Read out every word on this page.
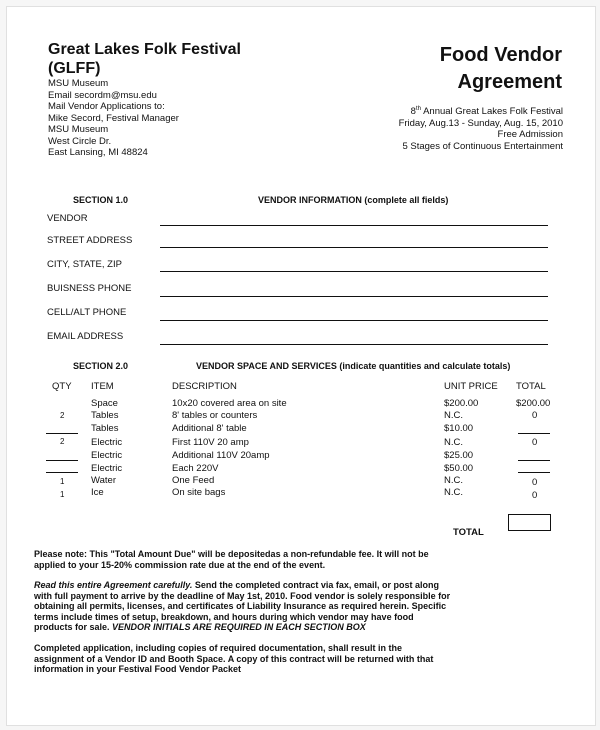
Great Lakes Folk Festival
(GLFF)
MSU Museum
Email secordm@msu.edu
Mail Vendor Applications to:
Mike Secord, Festival Manager
MSU Museum
West Circle Dr.
East Lansing, MI 48824
Food Vendor
Agreement
8th Annual Great Lakes Folk Festival
Friday, Aug.13 - Sunday, Aug. 15, 2010
Free Admission
5 Stages of Continuous Entertainment
SECTION 1.0	VENDOR INFORMATION (complete all fields)
VENDOR
STREET ADDRESS
CITY, STATE, ZIP
BUISNESS PHONE
CELL/ALT PHONE
EMAIL ADDRESS
SECTION 2.0	VENDOR SPACE AND SERVICES (indicate quantities and calculate totals)
QTY ITEM	DESCRIPTION	UNIT PRICE TOTAL
Space	10x20 covered area on site	$200.00	$200.00
2	Tables	8' tables or counters	N.C.	0
Tables	Additional 8' table	$10.00
2	Electric	First 110V 20 amp	N.C.	0
Electric	Additional 110V 20amp	$25.00
Electric	Each 220V	$50.00
1	Water	One Feed	N.C.	0
1	Ice	On site bags	N.C.	0
TOTAL
Please note: This "Total Amount Due" will be depositedas a non-refundable fee. It will not be applied to your 15-20% commission rate due at the end of the event.
Read this entire Agreement carefully. Send the completed contract via fax, email, or post along with full payment to arrive by the deadline of May 1st, 2010. Food vendor is solely responsible for obtaining all permits, licenses, and certificates of Liability Insurance as required herein. Specific terms include times of setup, breakdown, and hours during which vendor may have food products for sale. VENDOR INITIALS ARE REQUIRED IN EACH SECTION BOX
Completed application, including copies of required documentation, shall result in the assignment of a Vendor ID and Booth Space. A copy of this contract will be returned with that information in your Festival Food Vendor Packet
